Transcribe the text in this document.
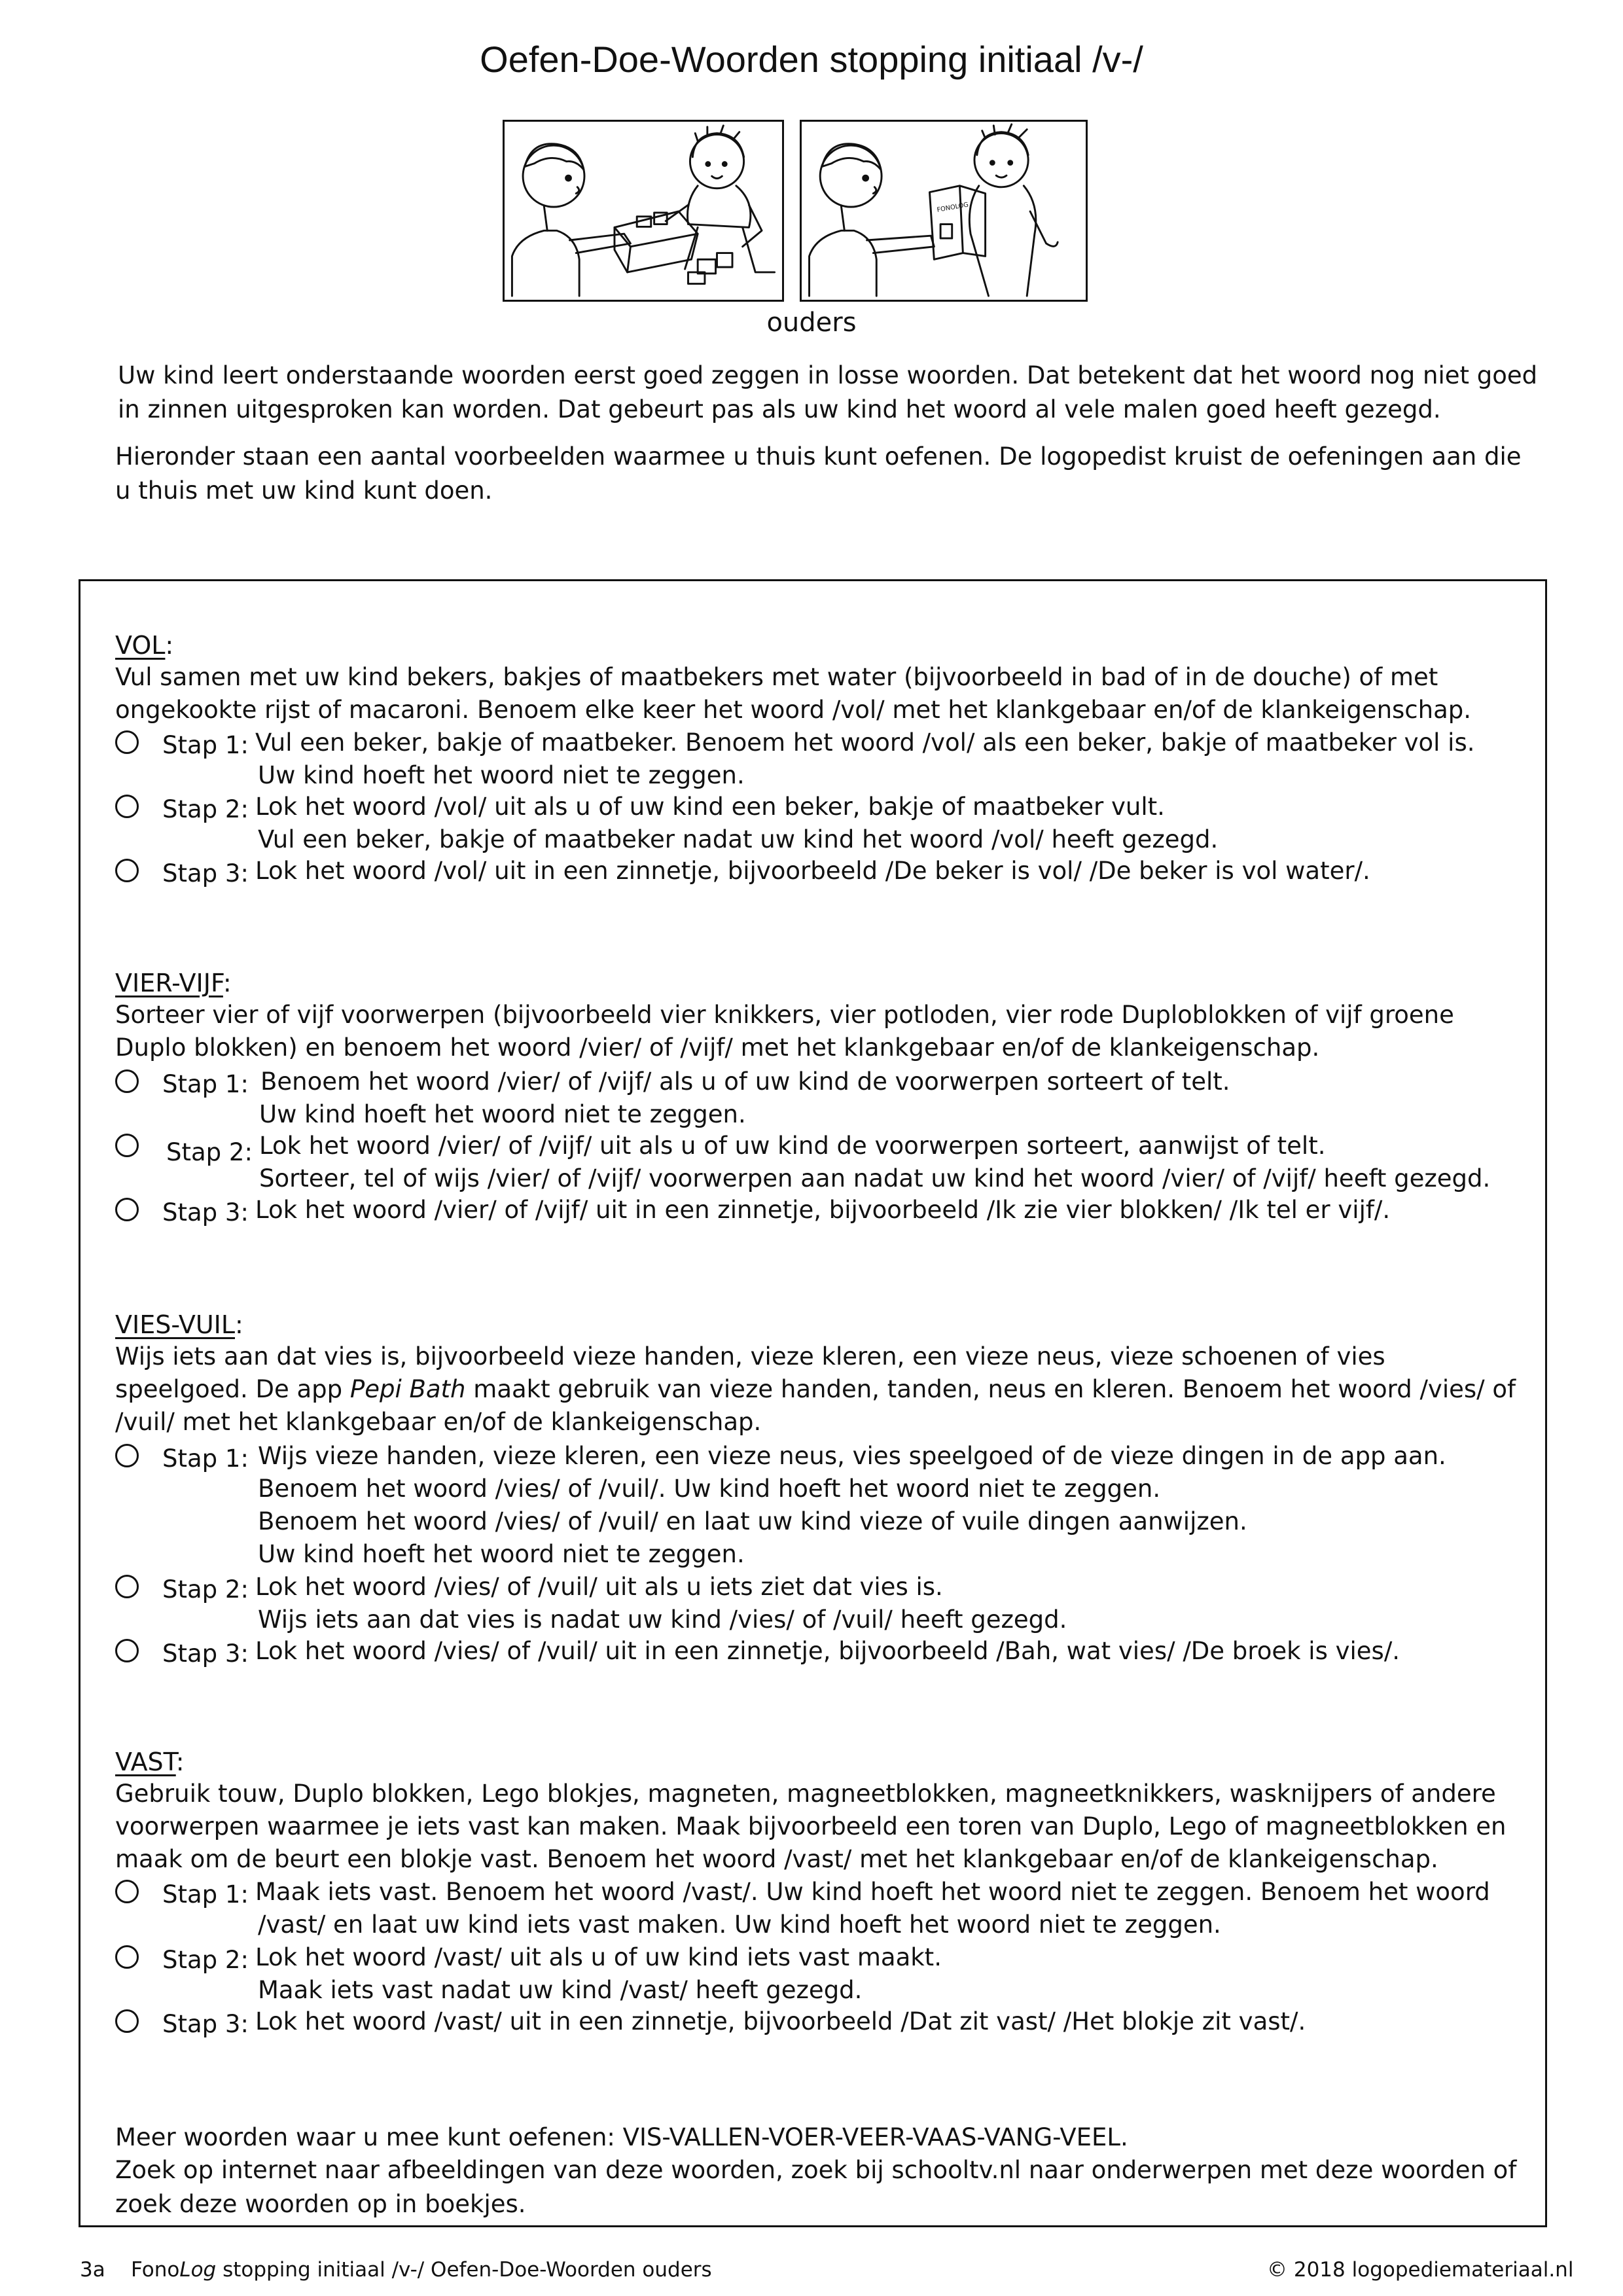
Oefen-Doe-Woorden stopping initiaal /v-/
FONOLOG
ouders
Uw kind leert onderstaande woorden eerst goed zeggen in losse woorden. Dat betekent dat het woord nog niet goed in zinnen uitgesproken kan worden. Dat gebeurt pas als uw kind het woord al vele malen goed heeft gezegd.
Hieronder staan een aantal voorbeelden waarmee u thuis kunt oefenen. De logopedist kruist de oefeningen aan die u thuis met uw kind kunt doen.
VOL:
Vul samen met uw kind bekers, bakjes of maatbekers met water (bijvoorbeeld in bad of in de douche) of met ongekookte rijst of macaroni. Benoem elke keer het woord /vol/ met het klankgebaar en/of de klankeigenschap.
Stap 1: Vul een beker, bakje of maatbeker. Benoem het woord /vol/ als een beker, bakje of maatbeker vol is.
Uw kind hoeft het woord niet te zeggen.
Stap 2: Lok het woord /vol/ uit als u of uw kind een beker, bakje of maatbeker vult.
Vul een beker, bakje of maatbeker nadat uw kind het woord /vol/ heeft gezegd.
Stap 3: Lok het woord /vol/ uit in een zinnetje, bijvoorbeeld /De beker is vol/ /De beker is vol water/.
VIER-VIJF:
Sorteer vier of vijf voorwerpen (bijvoorbeeld vier knikkers, vier potloden, vier rode Duploblokken of vijf groene Duplo blokken) en benoem het woord /vier/ of /vijf/ met het klankgebaar en/of de klankeigenschap.
Stap 1: Benoem het woord /vier/ of /vijf/ als u of uw kind de voorwerpen sorteert of telt.
Uw kind hoeft het woord niet te zeggen.
Stap 2: Lok het woord /vier/ of /vijf/ uit als u of uw kind de voorwerpen sorteert, aanwijst of telt.
Sorteer, tel of wijs /vier/ of /vijf/ voorwerpen aan nadat uw kind het woord /vier/ of /vijf/ heeft gezegd.
Stap 3: Lok het woord /vier/ of /vijf/ uit in een zinnetje, bijvoorbeeld /Ik zie vier blokken/ /Ik tel er vijf/.
VIES-VUIL:
Wijs iets aan dat vies is, bijvoorbeeld vieze handen, vieze kleren, een vieze neus, vieze schoenen of vies speelgoed. De app Pepi Bath maakt gebruik van vieze handen, tanden, neus en kleren. Benoem het woord /vies/ of /vuil/ met het klankgebaar en/of de klankeigenschap.
Stap 1: Wijs vieze handen, vieze kleren, een vieze neus, vies speelgoed of de vieze dingen in de app aan.
Benoem het woord /vies/ of /vuil/. Uw kind hoeft het woord niet te zeggen.
Benoem het woord /vies/ of /vuil/ en laat uw kind vieze of vuile dingen aanwijzen.
Uw kind hoeft het woord niet te zeggen.
Stap 2: Lok het woord /vies/ of /vuil/ uit als u iets ziet dat vies is.
Wijs iets aan dat vies is nadat uw kind /vies/ of /vuil/ heeft gezegd.
Stap 3: Lok het woord /vies/ of /vuil/ uit in een zinnetje, bijvoorbeeld /Bah, wat vies/ /De broek is vies/.
VAST:
Gebruik touw, Duplo blokken, Lego blokjes, magneten, magneetblokken, magneetknikkers, wasknijpers of andere voorwerpen waarmee je iets vast kan maken. Maak bijvoorbeeld een toren van Duplo, Lego of magneetblokken en maak om de beurt een blokje vast. Benoem het woord /vast/ met het klankgebaar en/of de klankeigenschap.
Stap 1: Maak iets vast. Benoem het woord /vast/. Uw kind hoeft het woord niet te zeggen. Benoem het woord
/vast/ en laat uw kind iets vast maken. Uw kind hoeft het woord niet te zeggen.
Stap 2: Lok het woord /vast/ uit als u of uw kind iets vast maakt.
Maak iets vast nadat uw kind /vast/ heeft gezegd.
Stap 3: Lok het woord /vast/ uit in een zinnetje, bijvoorbeeld /Dat zit vast/ /Het blokje zit vast/.
Meer woorden waar u mee kunt oefenen: VIS-VALLEN-VOER-VEER-VAAS-VANG-VEEL.
Zoek op internet naar afbeeldingen van deze woorden, zoek bij schooltv.nl naar onderwerpen met deze woorden of zoek deze woorden op in boekjes.
3a FonoLog stopping initiaal /v-/ Oefen-Doe-Woorden ouders	© 2018 logopediemateriaal.nl
